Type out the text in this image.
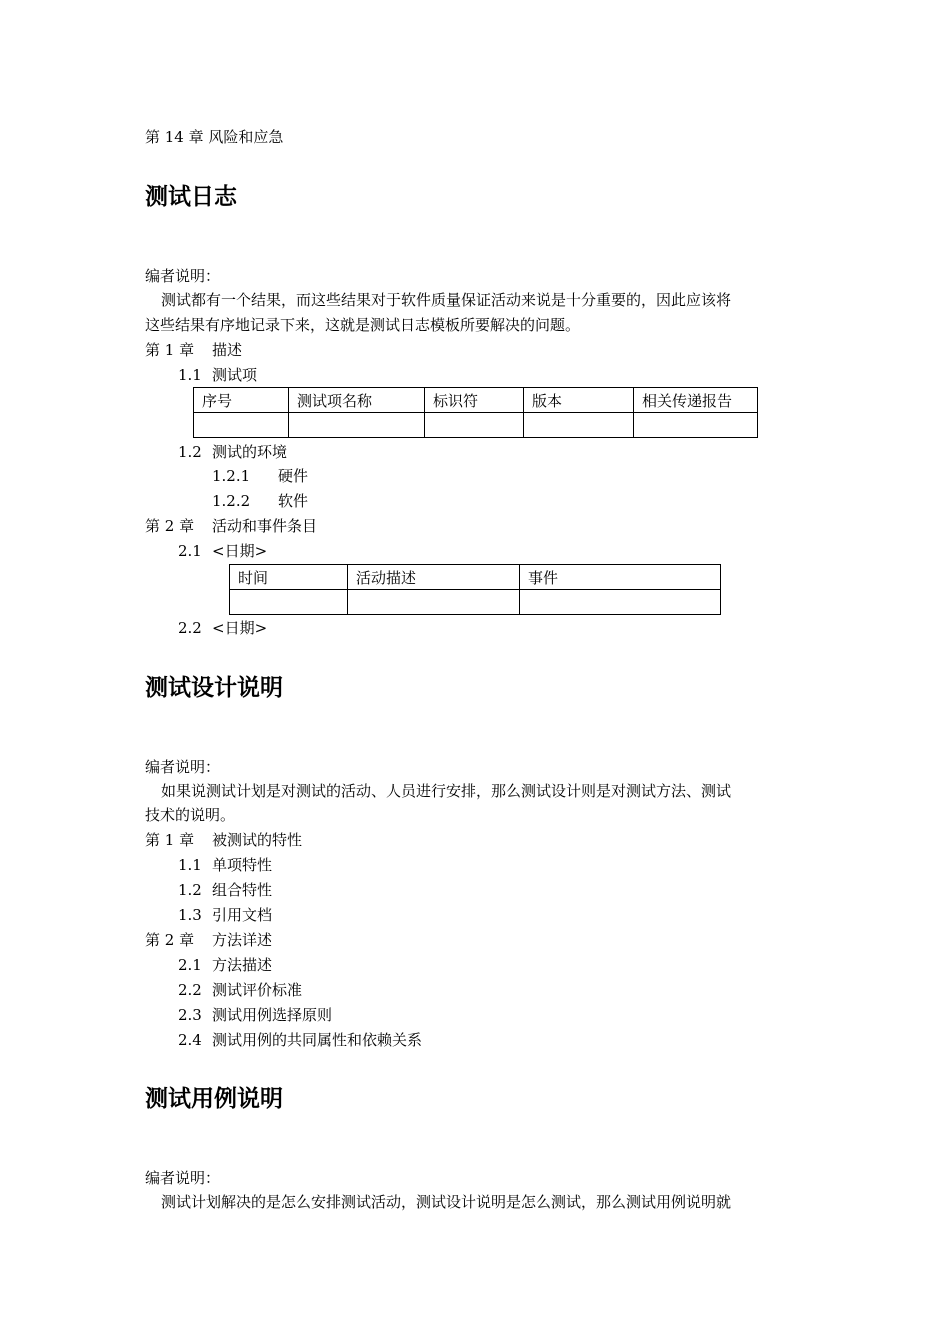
第 14 章 风险和应急
测试日志
编者说明：
测试都有一个结果，而这些结果对于软件质量保证活动来说是十分重要的，因此应该将
这些结果有序地记录下来，这就是测试日志模板所要解决的问题。
第 1 章 描述
1.1 测试项
序号	测试项名称	标识符	版本	相关传递报告

1.2 测试的环境
1.2.1 硬件
1.2.2 软件
第 2 章 活动和事件条目
2.1 <日期>
时间	活动描述	事件

2.2 <日期>
测试设计说明
编者说明：
如果说测试计划是对测试的活动、人员进行安排，那么测试设计则是对测试方法、测试
技术的说明。
第 1 章 被测试的特性
1.1 单项特性
1.2 组合特性
1.3 引用文档
第 2 章 方法详述
2.1 方法描述
2.2 测试评价标准
2.3 测试用例选择原则
2.4 测试用例的共同属性和依赖关系
测试用例说明
编者说明：
测试计划解决的是怎么安排测试活动，测试设计说明是怎么测试，那么测试用例说明就
